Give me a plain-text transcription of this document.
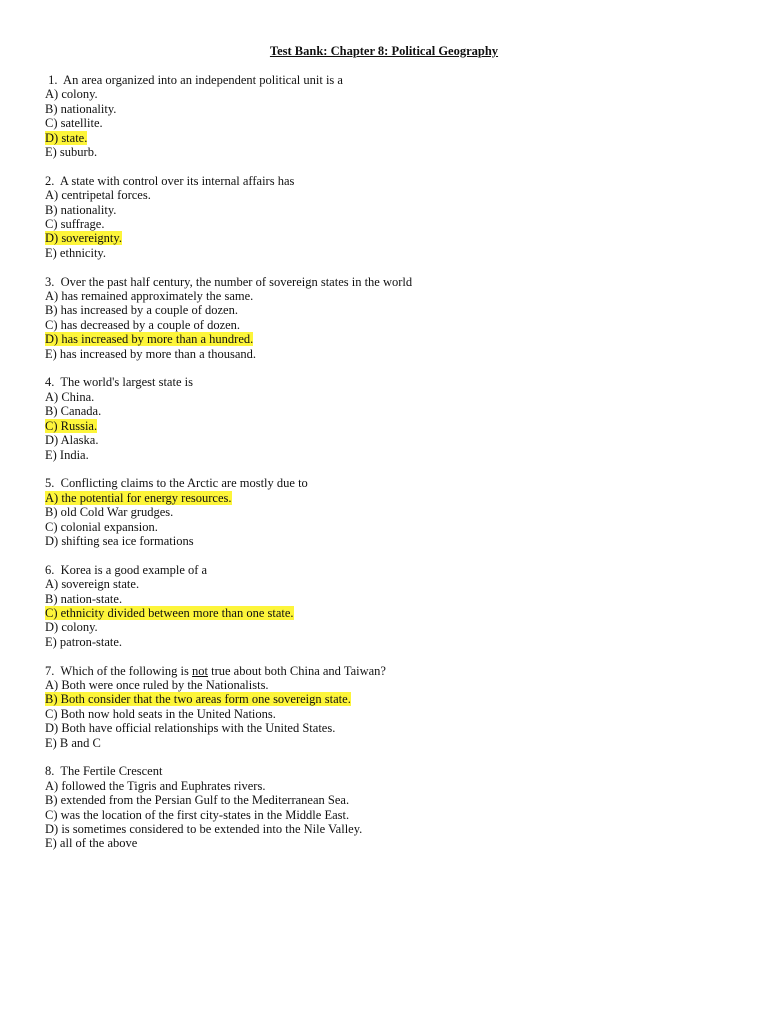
Test Bank: Chapter 8: Political Geography
1.  An area organized into an independent political unit is a
A) colony.
B) nationality.
C) satellite.
D) state.
E) suburb.
2.  A state with control over its internal affairs has
A) centripetal forces.
B) nationality.
C) suffrage.
D) sovereignty.
E) ethnicity.
3.  Over the past half century, the number of sovereign states in the world
A) has remained approximately the same.
B) has increased by a couple of dozen.
C) has decreased by a couple of dozen.
D) has increased by more than a hundred.
E) has increased by more than a thousand.
4.  The world's largest state is
A) China.
B) Canada.
C) Russia.
D) Alaska.
E) India.
5.  Conflicting claims to the Arctic are mostly due to
A) the potential for energy resources.
B) old Cold War grudges.
C) colonial expansion.
D) shifting sea ice formations
6.  Korea is a good example of a
A) sovereign state.
B) nation-state.
C) ethnicity divided between more than one state.
D) colony.
E) patron-state.
7.  Which of the following is not true about both China and Taiwan?
A) Both were once ruled by the Nationalists.
B) Both consider that the two areas form one sovereign state.
C) Both now hold seats in the United Nations.
D) Both have official relationships with the United States.
E) B and C
8.  The Fertile Crescent
A) followed the Tigris and Euphrates rivers.
B) extended from the Persian Gulf to the Mediterranean Sea.
C) was the location of the first city-states in the Middle East.
D) is sometimes considered to be extended into the Nile Valley.
E) all of the above
